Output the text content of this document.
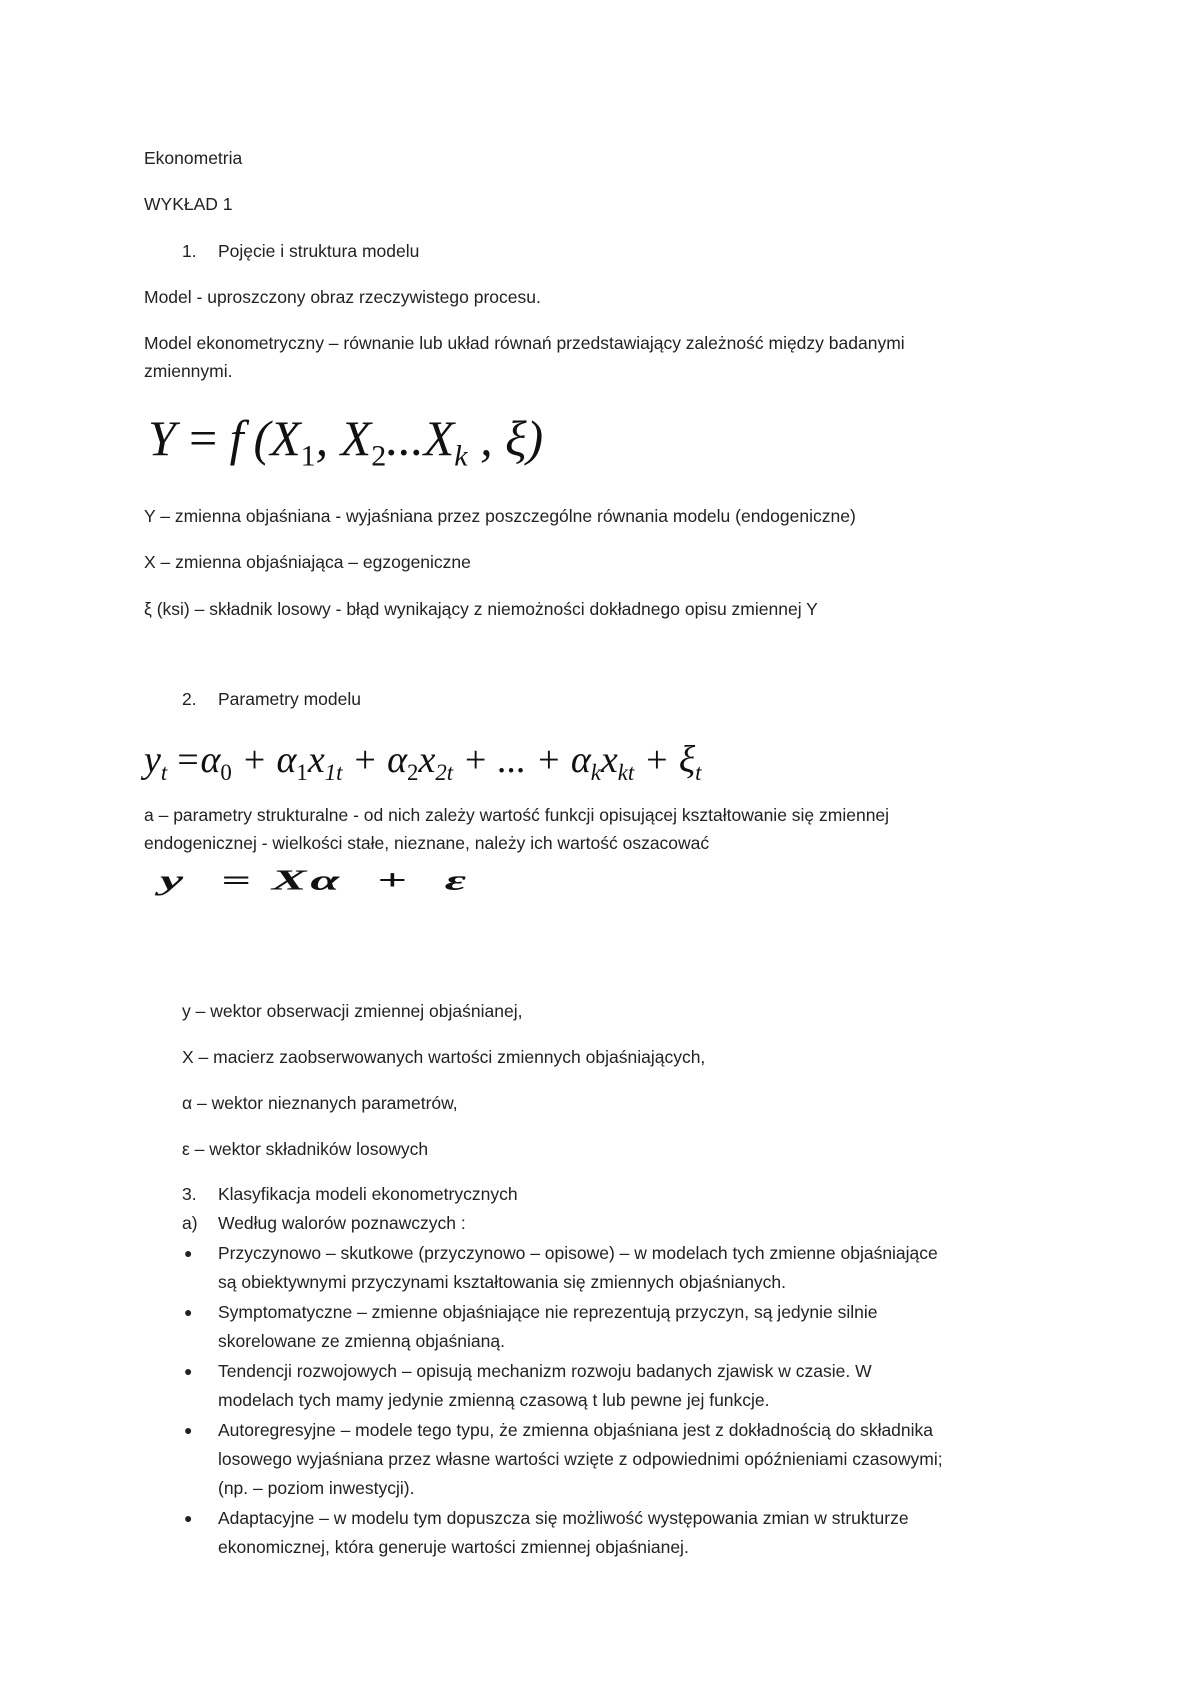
Ekonometria
WYKŁAD 1
1. Pojęcie i struktura modelu
Model - uproszczony obraz rzeczywistego procesu.
Model ekonometryczny – równanie lub układ równań przedstawiający zależność między badanymi
zmiennymi.
Y = f ($X_1$, $X_2...X_k$ , ξ)
Y – zmienna objaśniana - wyjaśniana przez poszczególne równania modelu (endogeniczne)
X – zmienna objaśniająca – egzogeniczne
ξ (ksi) – składnik losowy - błąd wynikający z niemożności dokładnego opisu zmiennej Y
2. Parametry modelu
$y_t =\alpha_0 + \alpha_1x_{1t} + \alpha_2x_{2t}$ + ... + $\alpha_kx_{kt} + \xi_t$
a – parametry strukturalne - od nich zależy wartość funkcji opisującej kształtowanie się zmiennej
endogenicznej - wielkości stałe, nieznane, należy ich wartość oszacować
y  = Xα  +  ε
y – wektor obserwacji zmiennej objaśnianej,
X – macierz zaobserwowanych wartości zmiennych objaśniających,
α – wektor nieznanych parametrów,
ε – wektor składników losowych
3. Klasyfikacja modeli ekonometrycznych
a) Według walorów poznawczych :
● Przyczynowo – skutkowe (przyczynowo – opisowe) – w modelach tych zmienne objaśniające
są obiektywnymi przyczynami kształtowania się zmiennych objaśnianych.
● Symptomatyczne – zmienne objaśniające nie reprezentują przyczyn, są jedynie silnie
skorelowane ze zmienną objaśnianą.
● Tendencji rozwojowych – opisują mechanizm rozwoju badanych zjawisk w czasie. W
modelach tych mamy jedynie zmienną czasową t lub pewne jej funkcje.
● Autoregresyjne – modele tego typu, że zmienna objaśniana jest z dokładnością do składnika
losowego wyjaśniana przez własne wartości wzięte z odpowiednimi opóźnieniami czasowymi;
(np. – poziom inwestycji).
● Adaptacyjne – w modelu tym dopuszcza się możliwość występowania zmian w strukturze
ekonomicznej, która generuje wartości zmiennej objaśnianej.
